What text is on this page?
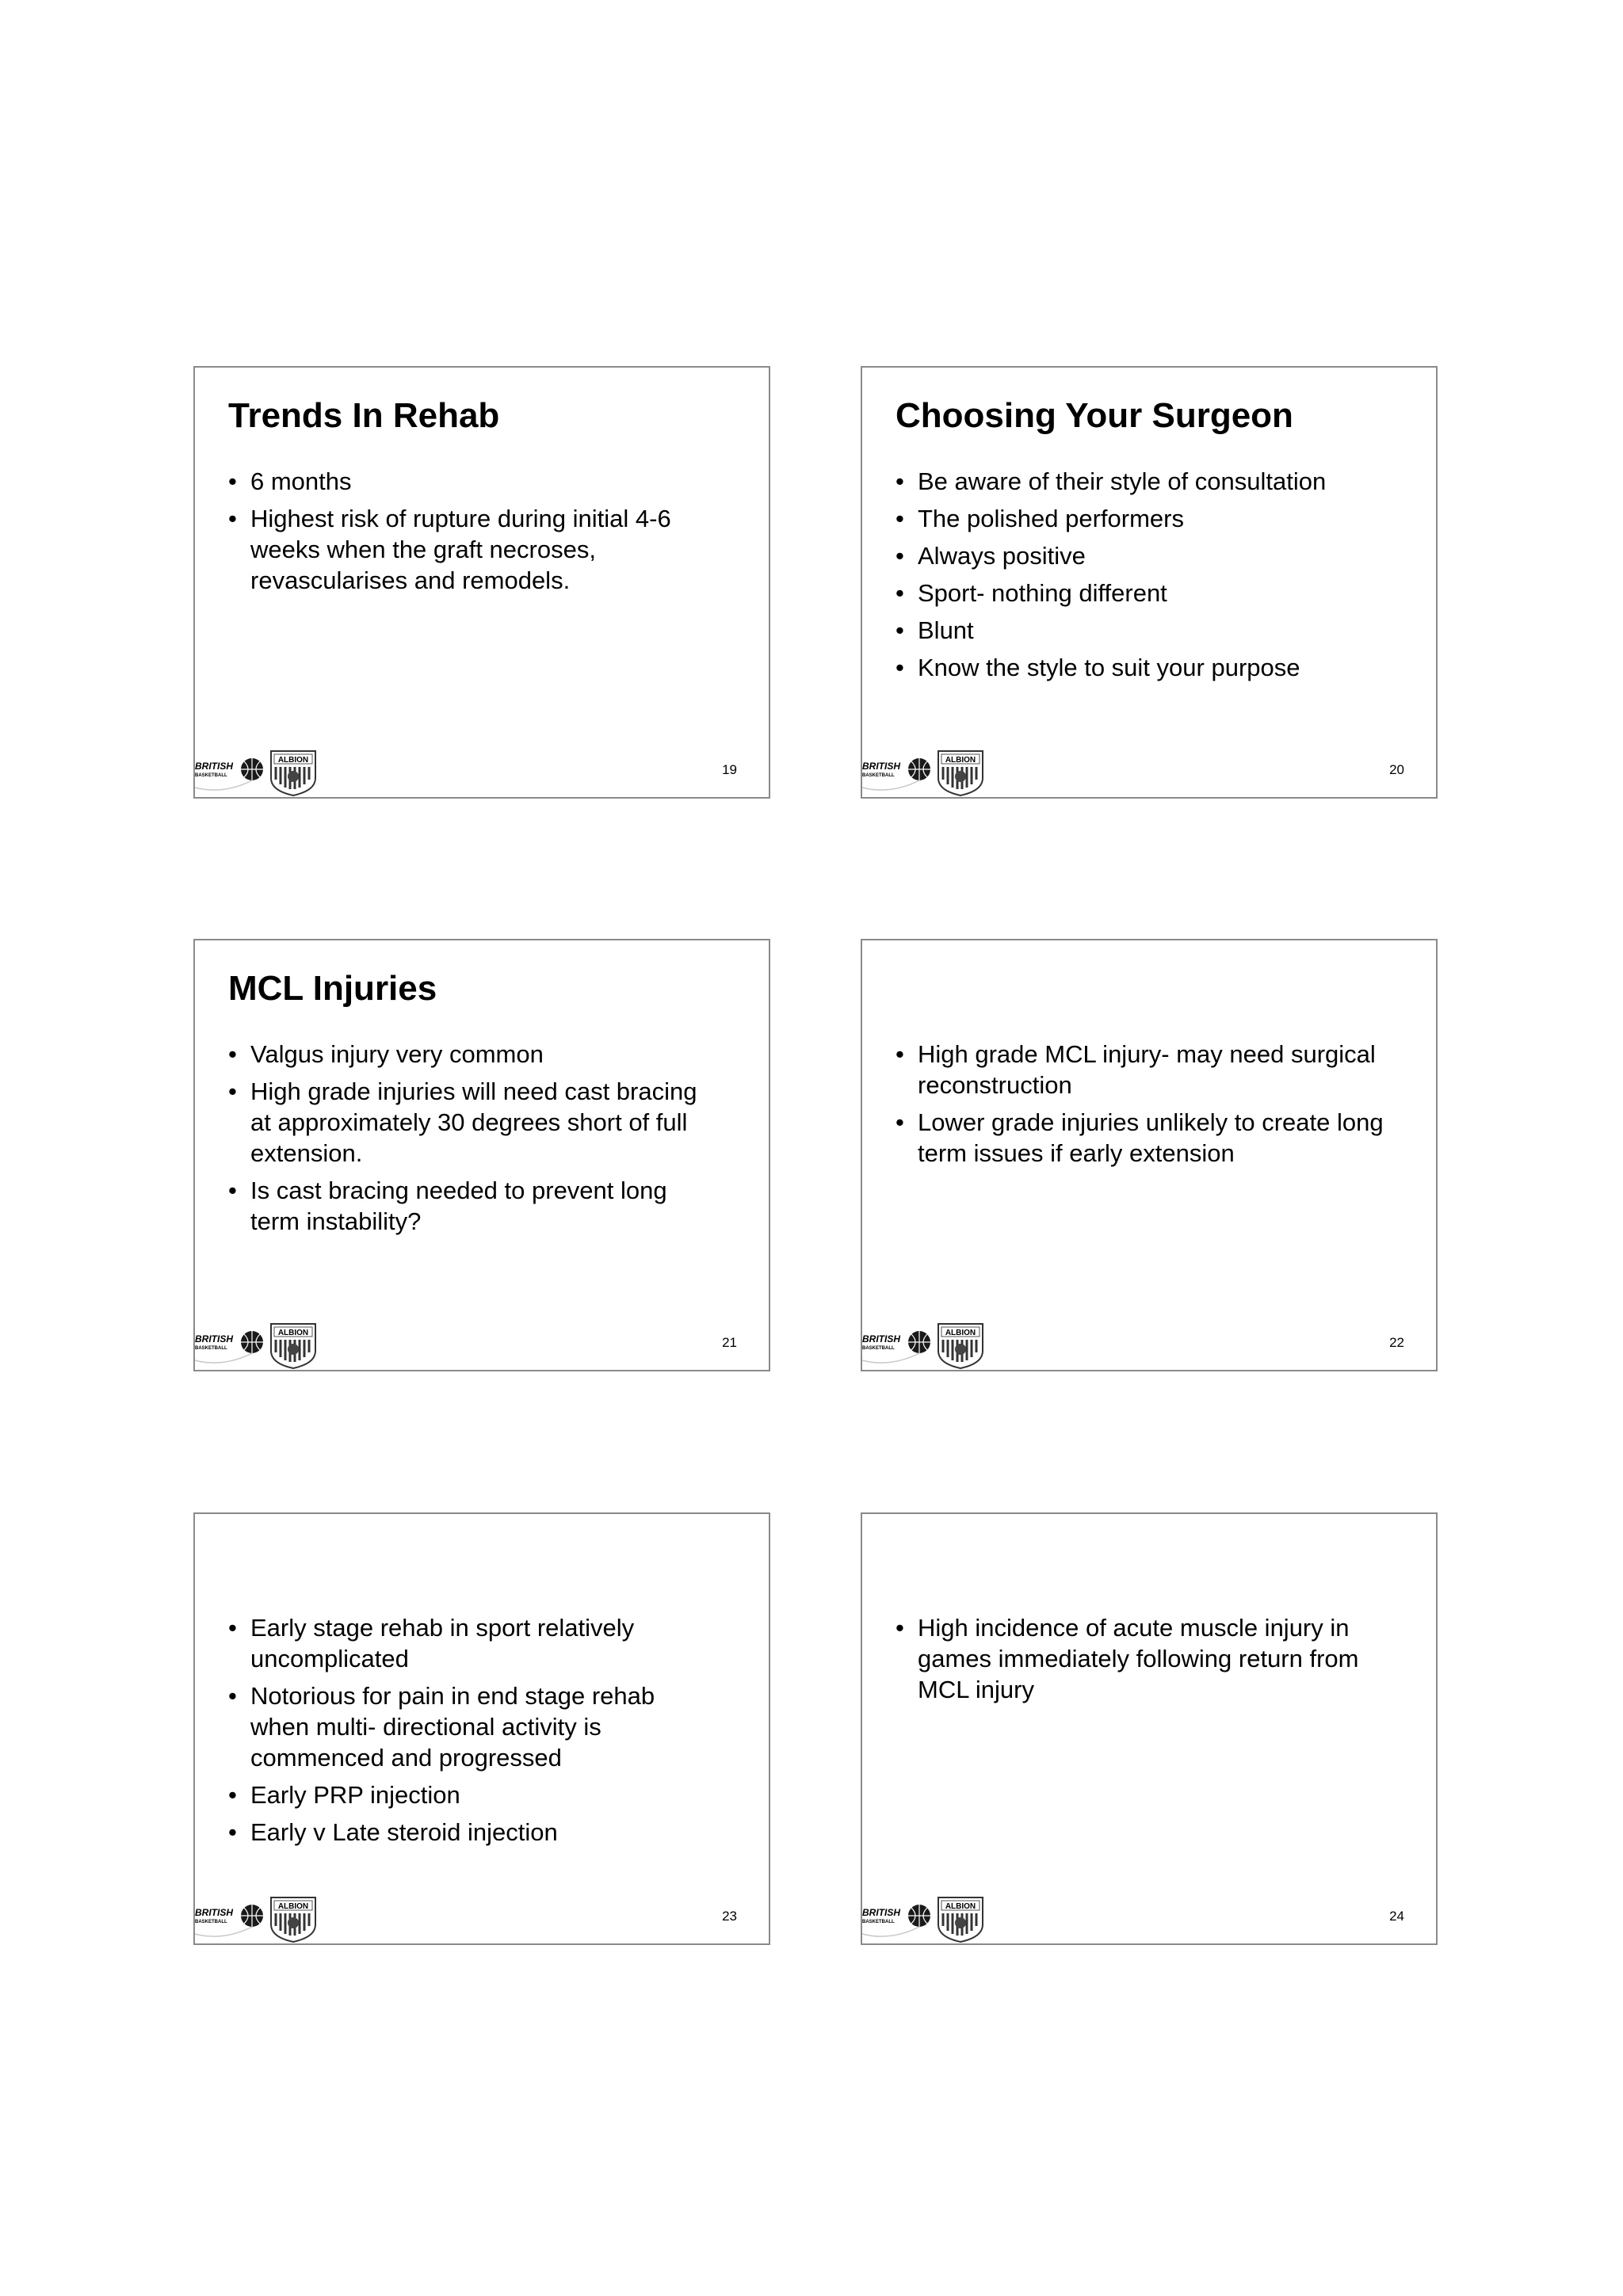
Trends In Rehab
• 6 months
• Highest risk of rupture during initial 4-6 weeks when the graft necroses, revascularises and remodels.
BRITISH
BASKETBALL
ALBION
19
Choosing Your Surgeon
• Be aware of their style of consultation
• The polished performers
• Always positive
• Sport- nothing different
• Blunt
• Know the style to suit your purpose
BRITISH
BASKETBALL
ALBION
20
MCL Injuries
• Valgus injury very common
• High grade injuries will need cast bracing at approximately 30 degrees short of full extension.
• Is cast bracing needed to prevent long term instability?
BRITISH
BASKETBALL
ALBION
21
• High grade MCL injury- may need surgical reconstruction
• Lower grade injuries unlikely to create long term issues if early extension
BRITISH
BASKETBALL
ALBION
22
• Early stage rehab in sport relatively uncomplicated
• Notorious for pain in end stage rehab when multi- directional activity is commenced and progressed
• Early PRP injection
• Early v Late steroid injection
BRITISH
BASKETBALL
ALBION
23
• High incidence of acute muscle injury in games immediately following return from MCL injury
BRITISH
BASKETBALL
ALBION
24
